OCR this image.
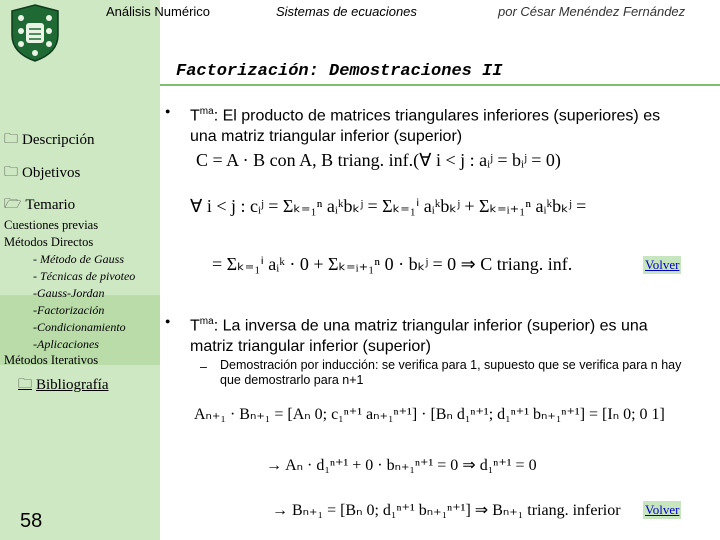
Análisis Numérico	Sistemas de ecuaciones	por César Menéndez Fernández
Factorización: Demostraciones II
🗀 Descripción
🗀 Objetivos
🗁 Temario
Cuestiones previas
Métodos Directos
- Método de Gauss
- Técnicas de pivoteo
-Gauss-Jordan
-Factorización
-Condicionamiento
-Aplicaciones
Métodos Iterativos
🗀 Bibliografía
58
● $T^{ma}$: El producto de matrices triangulares inferiores (superiores) es una matriz triangular inferior (superior)
C = A · B con A, B triang. inf.(∀ i < j : aᵢʲ = bᵢʲ = 0)
∀ i < j : cᵢʲ = Σₖ₌₁ⁿ aᵢᵏbₖʲ = Σₖ₌₁ⁱ aᵢᵏbₖʲ + Σₖ₌ᵢ₊₁ⁿ aᵢᵏbₖʲ =
= Σₖ₌₁ⁱ aᵢᵏ · 0 + Σₖ₌ᵢ₊₁ⁿ 0 · bₖʲ = 0 ⇒ C triang. inf.	Volver
● $T^{ma}$: La inversa de una matriz triangular inferior (superior) es una matriz triangular inferior (superior)
– Demostración por inducción: se verifica para 1, supuesto que se verifica para n hay que demostrarlo para n+1
Aₙ₊₁ · Bₙ₊₁ = [Aₙ 0; c₁ⁿ⁺¹ aₙ₊₁ⁿ⁺¹] · [Bₙ d₁ⁿ⁺¹; d₁ⁿ⁺¹ bₙ₊₁ⁿ⁺¹] = [Iₙ 0; 0 1]
→ Aₙ · d₁ⁿ⁺¹ + 0 · bₙ₊₁ⁿ⁺¹ = 0 ⇒ d₁ⁿ⁺¹ = 0
→ Bₙ₊₁ = [Bₙ 0; d₁ⁿ⁺¹ bₙ₊₁ⁿ⁺¹] ⇒ Bₙ₊₁ triang. inferior Volver
